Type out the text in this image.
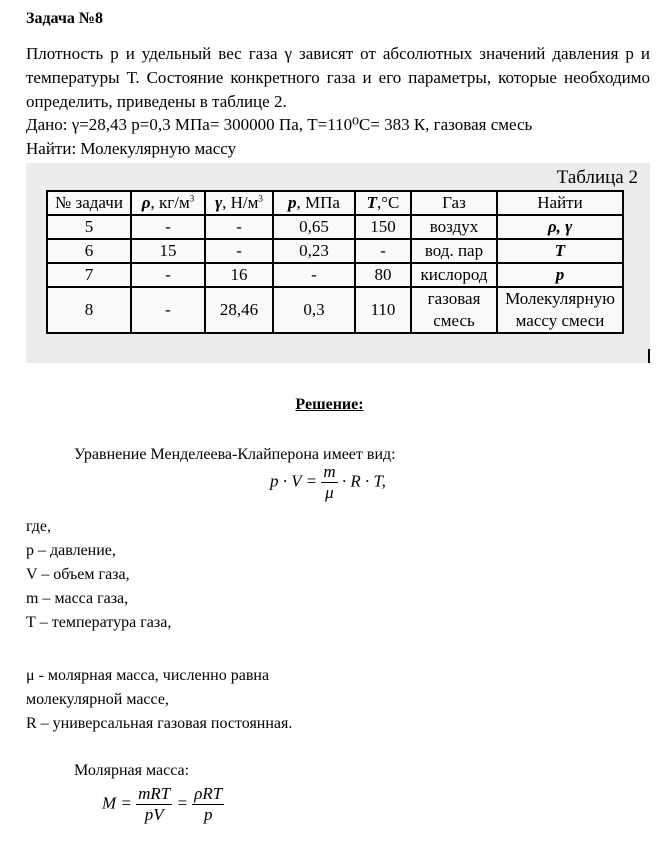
Задача №8
Плотность р и удельный вес газа γ зависят от абсолютных значений давления р и температуры Т. Состояние конкретного газа и его параметры, которые необходимо определить, приведены в таблице 2.
Дано: γ=28,43 р=0,3 МПа= 300000 Па, Т=110⁰С= 383 К, газовая смесь
Найти: Молекулярную массу
Таблица 2
№ задачи	ρ, $кг/м^3$	γ, $Н/м^3$	p, МПа	T,°С	Газ	Найти
5	-	-	0,65	150	воздух	ρ, γ
6	15	-	0,23	-	вод. пар	T
7	-	16	-	80	кислород	p
8	-	28,46	0,3	110	газовая смесь	Молекулярную массу смеси
Решение:
Уравнение Менделеева-Клайперона имеет вид:
$p \cdot V = \frac{m}{\mu} \cdot R \cdot T$,
где,
р – давление,
V – объем газа,
m – масса газа,
Т – температура газа,
μ - молярная масса, численно равна молекулярной массе,
R – универсальная газовая постоянная.
Молярная масса:
$M = \frac{\text{mRT}}{pV} = \frac{\text{ρRT}}{p}$
